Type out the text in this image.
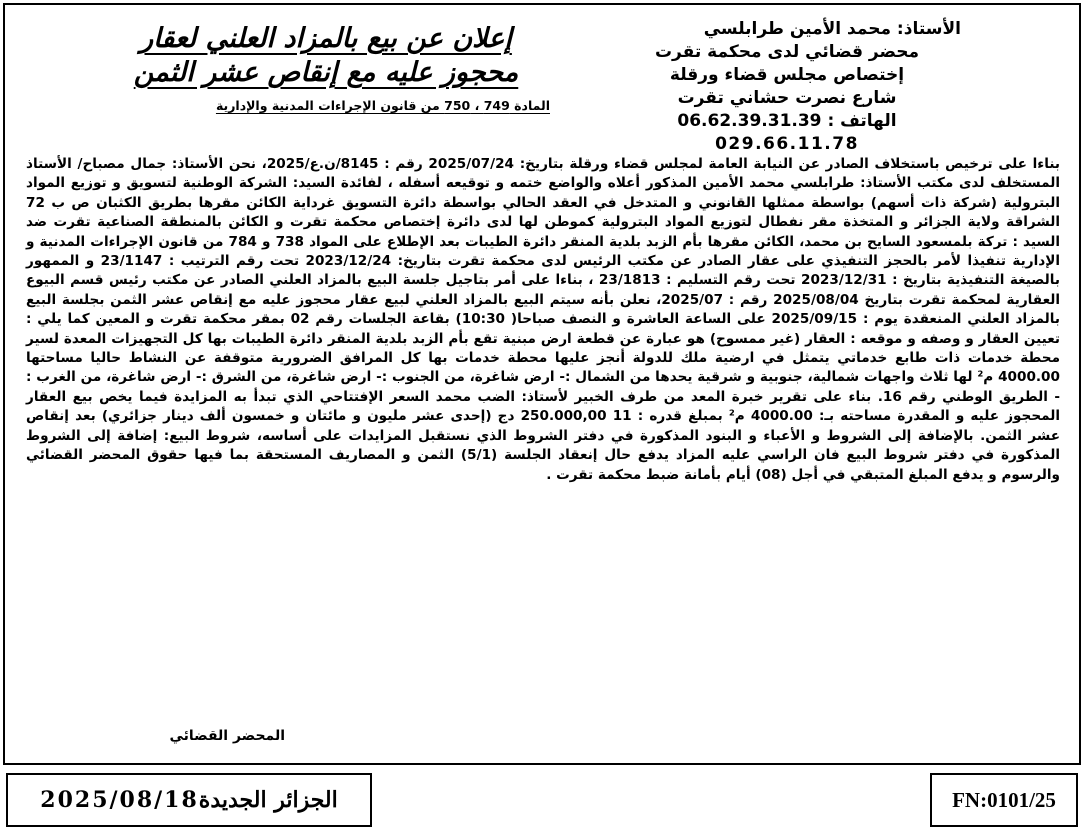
الأستاذ: محمد الأمين طرابلسي
محضر قضائي لدى محكمة تقرت
إختصاص مجلس قضاء ورقلة
شارع نصرت حشاني تقرت
الهاتف : 06.62.39.31.39
029.66.11.78
إعلان عن بيع بالمزاد العلني لعقار
محجوز عليه مع إنقاص عشر الثمن
المادة 749 ، 750 من قانون الإجراءات المدنية والإدارية
بناءا على ترخيص باستخلاف الصادر عن النيابة العامة لمجلس قضاء ورقلة بتاريخ: 2025/07/24 رقم : 8145/ن.ع/2025، نحن الأستاذ: جمال مصباح/ الأستاذ المستخلف لدى مكتب الأستاذ: طرابلسي محمد الأمين المذكور أعلاه والواضع ختمه و توقيعه أسفله ، لفائدة السيد: الشركة الوطنية لتسويق و توزيع المواد البترولية (شركة ذات أسهم) بواسطة ممثلها القانوني و المتدخل في العقد الحالي بواسطة دائرة التسويق غرداية الكائن مقرها بطريق الكثبان ص ب 72 الشراقة ولاية الجزائر و المتخذة مقر نفطال لتوزيع المواد البترولية كموطن لها لدى دائرة إختصاص محكمة تقرت و الكائن بالمنطقة الصناعية تقرت ضد السيد : تركة بلمسعود السايح بن محمد، الكائن مقرها بأم الزبد بلدية المنقر دائرة الطيبات بعد الإطلاع على المواد 738 و 784 من قانون الإجراءات المدنية و الإدارية تنفيذا لأمر بالحجز التنفيذي على عقار الصادر عن مكتب الرئيس لدى محكمة تقرت بتاريخ: 2023/12/24 تحت رقم الترتيب : 23/1147 و الممهور بالصيغة التنفيذية بتاريخ : 2023/12/31 تحت رقم التسليم : 23/1813 ، بناءا على أمر بتاجيل جلسة البيع بالمزاد العلني الصادر عن مكتب رئيس قسم البيوع العقارية لمحكمة تقرت بتاريخ 2025/08/04 رقم : 2025/07، نعلن بأنه سيتم البيع بالمزاد العلني لبيع عقار محجوز عليه مع إنقاص عشر الثمن بجلسة البيع بالمزاد العلني المنعقدة يوم : 2025/09/15 على الساعة العاشرة و النصف صباحا( 10:30) بقاعة الجلسات رقم 02 بمقر محكمة تقرت و المعين كما يلي : تعيين العقار و وصفه و موقعه : العقار (غير ممسوح) هو عبارة عن قطعة ارض مبنية تقع بأم الزبد بلدية المنقر دائرة الطيبات بها كل التجهيزات المعدة لسير محطة خدمات ذات طابع خدماتي يتمثل في ارضية ملك للدولة أنجز عليها محطة خدمات بها كل المرافق الضرورية متوقفة عن النشاط حاليا مساحتها 4000.00 م² لها ثلاث واجهات شمالية، جنوبية و شرقية يحدها من الشمال :- ارض شاغرة، من الجنوب :- ارض شاغرة، من الشرق :- ارض شاغرة، من الغرب : - الطريق الوطني رقم 16. بناء على تقرير خبرة المعد من طرف الخبير لأستاذ: الضب محمد السعر الإفتتاحي الذي تبدأ به المزايدة فيما يخص بيع العقار المحجوز عليه و المقدرة مساحته بـ: 4000.00 م² بمبلغ قدره : 11 250.000,00 دج (إحدى عشر مليون و مائتان و خمسون ألف دينار جزائري) بعد إنقاص عشر الثمن. بالإضافة إلى الشروط و الأعباء و البنود المذكورة في دفتر الشروط الذي نستقبل المزايدات على أساسه، شروط البيع: إضافة إلى الشروط المذكورة في دفتر شروط البيع فان الراسي عليه المزاد يدفع حال إنعقاد الجلسة (5/1) الثمن و المصاريف المستحقة بما فيها حقوق المحضر القضائي والرسوم و يدفع المبلغ المتبقي في أجل (08) أيام بأمانة ضبط محكمة تقرت .
المحضر القضائي
الجزائر الجديدة
2025/08/18	FN:0101/25
